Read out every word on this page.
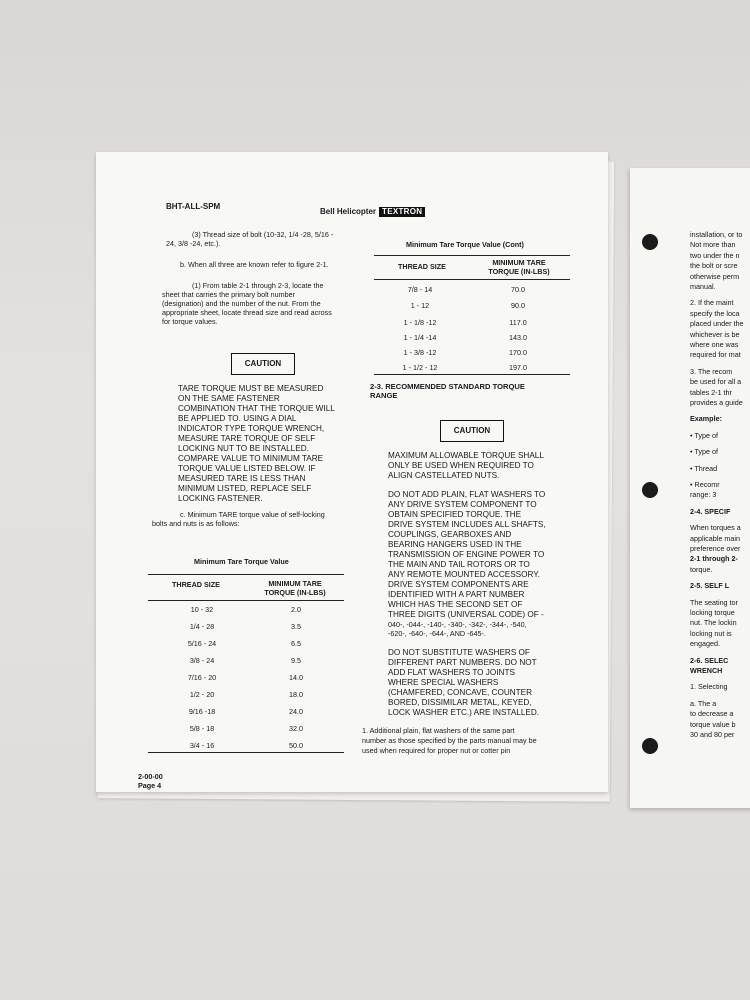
BHT-ALL-SPM
Bell Helicopter TEXTRON
(3) Thread size of bolt (10-32, 1/4 -28, 5/16 -
24, 3/8 -24, etc.).
b. When all three are known refer to figure 2-1.
(1) From table 2-1 through 2-3, locate the
sheet that carries the primary bolt number
(designation) and the number of the nut. From the
appropriate sheet, locate thread size and read across
for torque values.
CAUTION
TARE TORQUE MUST BE MEASURED
ON THE SAME FASTENER
COMBINATION THAT THE TORQUE WILL
BE APPLIED TO. USING A DIAL
INDICATOR TYPE TORQUE WRENCH,
MEASURE TARE TORQUE OF SELF
LOCKING NUT TO BE INSTALLED.
COMPARE VALUE TO MINIMUM TARE
TORQUE VALUE LISTED BELOW. IF
MEASURED TARE IS LESS THAN
MINIMUM LISTED, REPLACE SELF
LOCKING FASTENER.
c. Minimum TARE torque value of self-locking
bolts and nuts is as follows:
Minimum Tare Torque Value
THREAD SIZE	MINIMUM TARE
TORQUE (IN-LBS)
10 - 32	2.0
1/4 - 28	3.5
5/16 - 24	6.5
3/8 - 24	9.5
7/16 - 20	14.0
1/2 - 20	18.0
9/16 -18	24.0
5/8 - 18	32.0
3/4 - 16	50.0
2-00-00
Page 4
Minimum Tare Torque Value (Cont)
THREAD SIZE	MINIMUM TARE
TORQUE (IN-LBS)
7/8 - 14	70.0
1 - 12	90.0
1 - 1/8 -12	117.0
1 - 1/4 -14	143.0
1 - 3/8 -12	170.0
1 - 1/2 - 12	197.0
2-3. RECOMMENDED STANDARD TORQUE
RANGE
CAUTION
MAXIMUM ALLOWABLE TORQUE SHALL
ONLY BE USED WHEN REQUIRED TO
ALIGN CASTELLATED NUTS.
DO NOT ADD PLAIN, FLAT WASHERS TO
ANY DRIVE SYSTEM COMPONENT TO
OBTAIN SPECIFIED TORQUE. THE
DRIVE SYSTEM INCLUDES ALL SHAFTS,
COUPLINGS, GEARBOXES AND
BEARING HANGERS USED IN THE
TRANSMISSION OF ENGINE POWER TO
THE MAIN AND TAIL ROTORS OR TO
ANY REMOTE MOUNTED ACCESSORY.
DRIVE SYSTEM COMPONENTS ARE
IDENTIFIED WITH A PART NUMBER
WHICH HAS THE SECOND SET OF
THREE DIGITS (UNIVERSAL CODE) OF -
040-, -044-, -140-, -340-, -342-, -344-, -540,
-620-, -640-, -644-, AND -645-.
DO NOT SUBSTITUTE WASHERS OF
DIFFERENT PART NUMBERS. DO NOT
ADD FLAT WASHERS TO JOINTS
WHERE SPECIAL WASHERS
(CHAMFERED, CONCAVE, COUNTER
BORED, DISSIMILAR METAL, KEYED,
LOCK WASHER ETC.) ARE INSTALLED.
1. Additional plain, flat washers of the same part
number as those specified by the parts manual may be
used when required for proper nut or cotter pin
installation, or to
Not more than
two under the n
the bolt or scre
otherwise perm
manual.
2. If the maint
specify the loca
placed under the
whichever is be
where one was
required for mat
3. The recom
be used for all a
tables 2-1 thr
provides a guide
Example:
• Type of
• Type of
• Thread
• Recomr
range: 3
2-4. SPECIF
When torques a
applicable main
preference over
2-1 through 2-
torque.
2-5. SELF L
The seating tor
locking torque
nut. The lockin
locking nut is
engaged.
2-6. SELEC
WRENCH
1. Selecting
a. The a
to decrease a
torque value b
30 and 80 per
